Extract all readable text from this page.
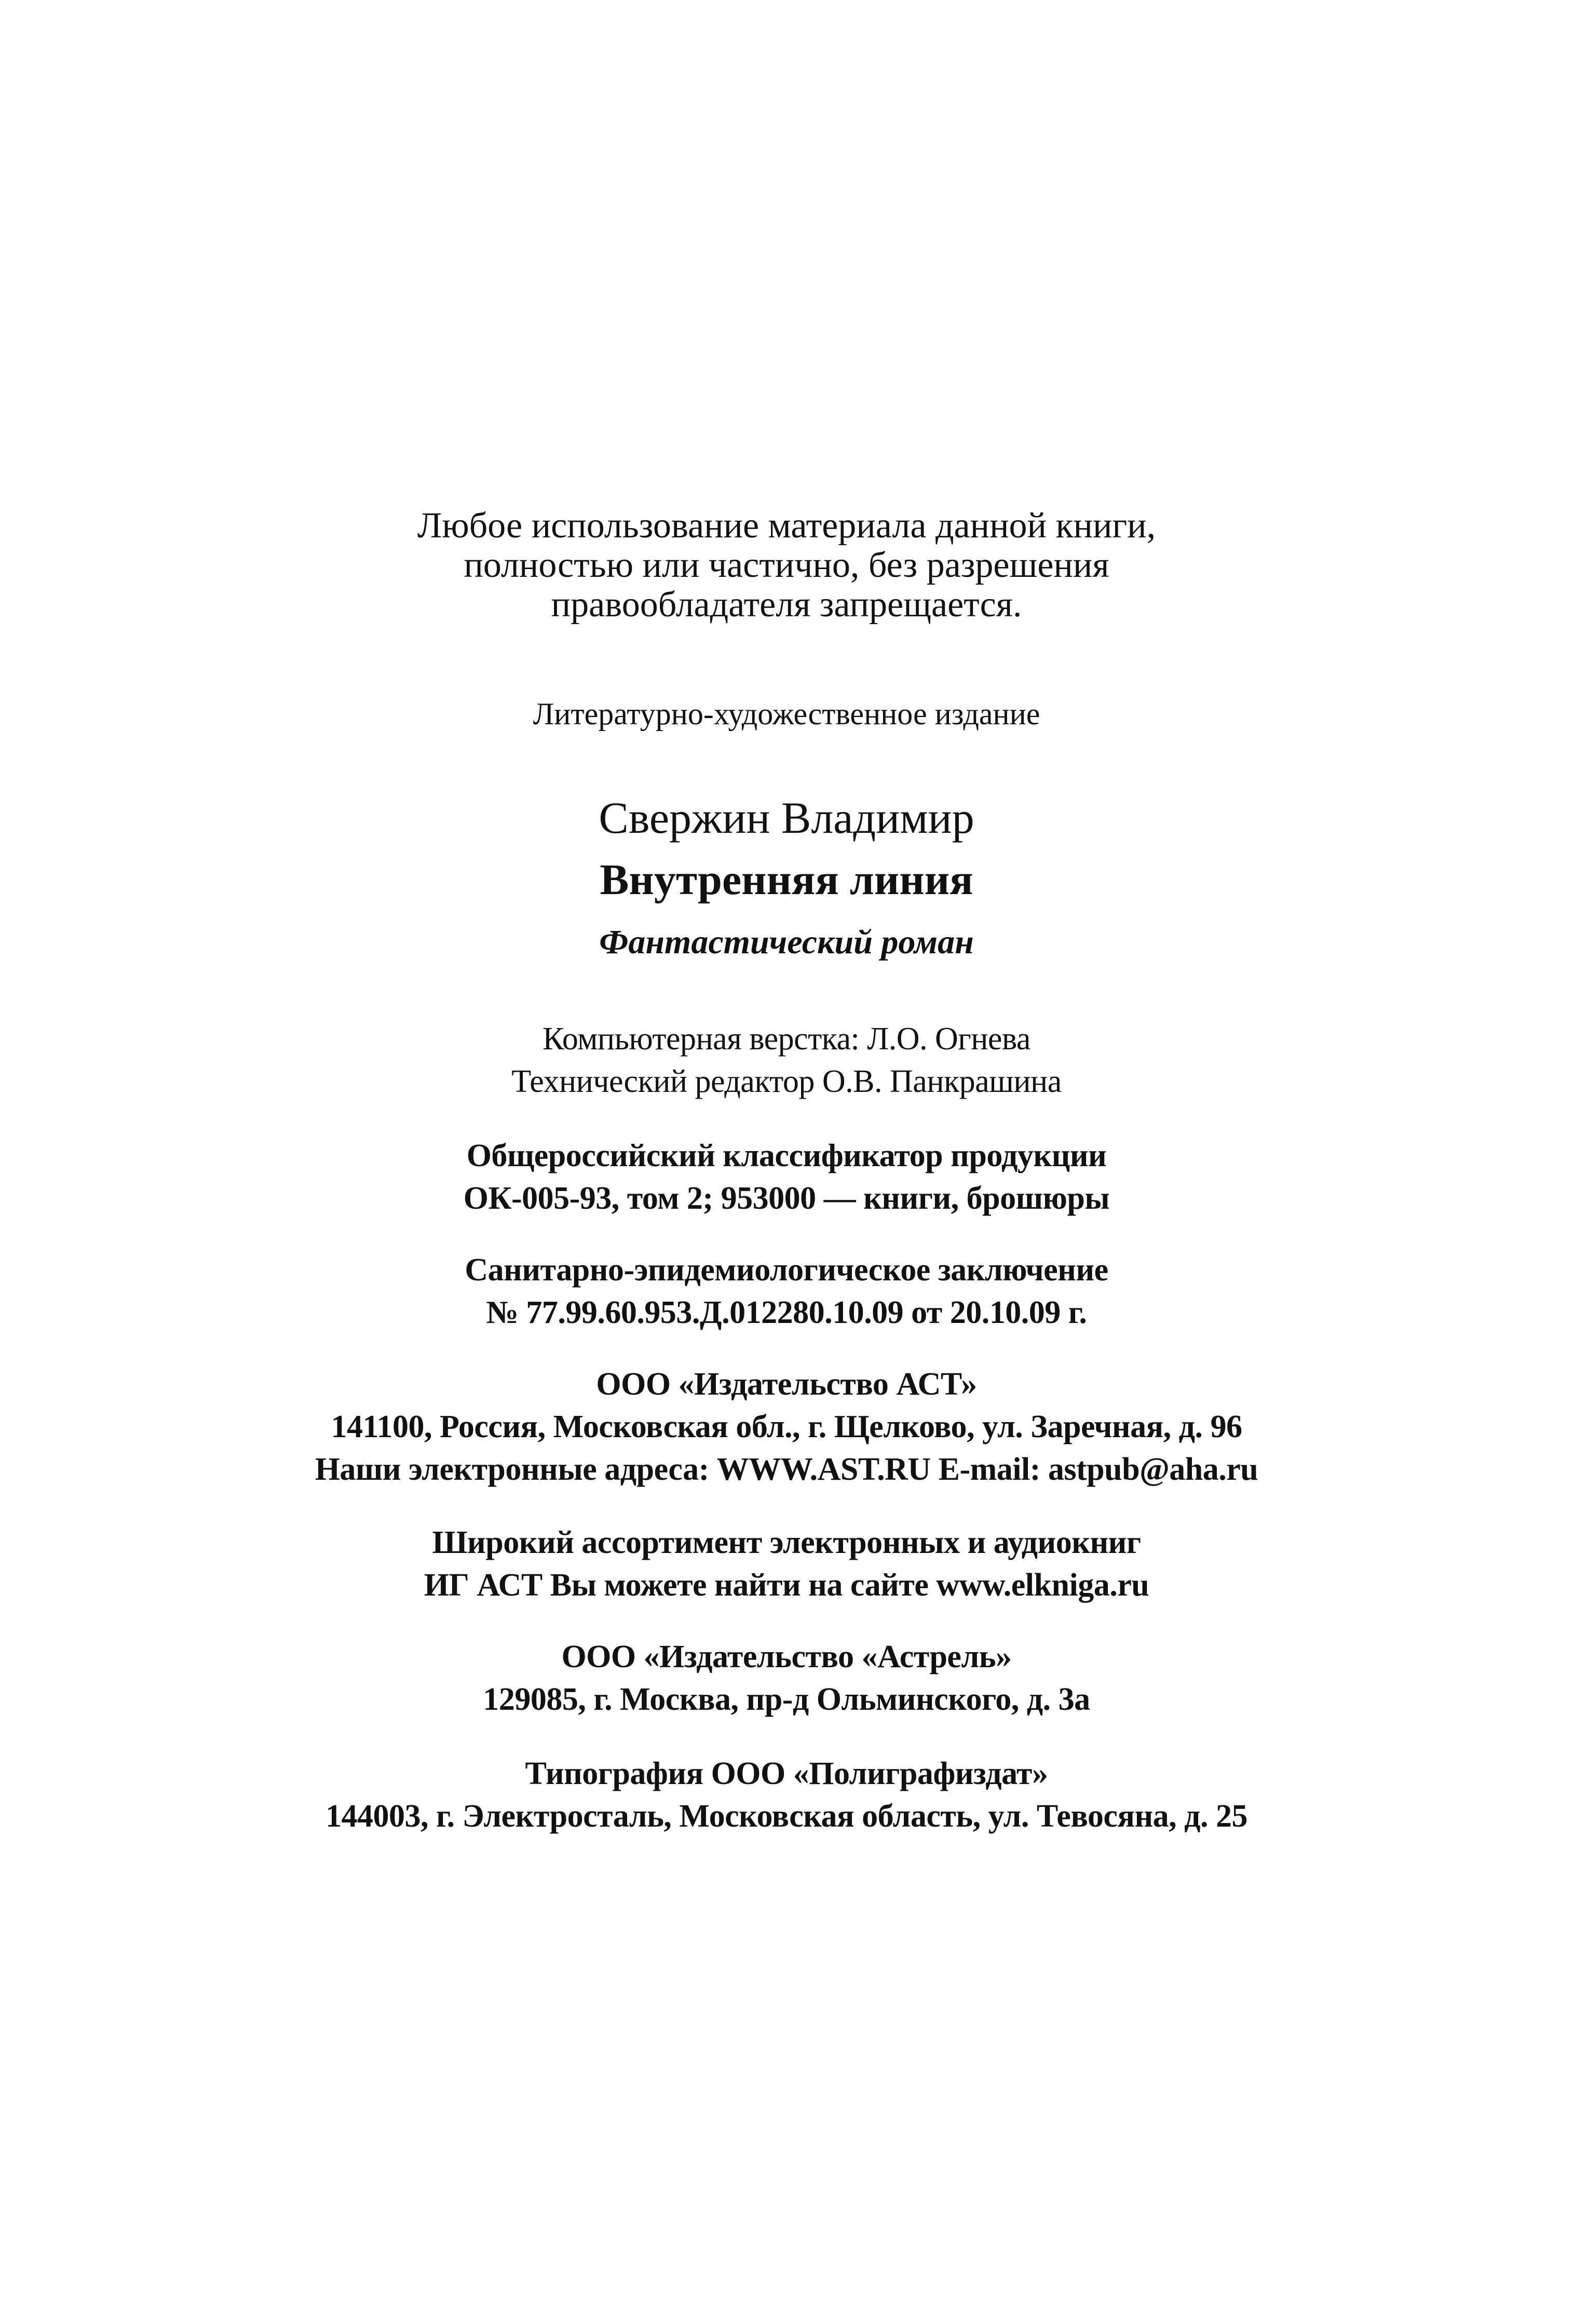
Любое использование материала данной книги,
полностью или частично, без разрешения
правообладателя запрещается.
Литературно-художественное издание
Свержин Владимир
Внутренняя линия
Фантастический роман
Компьютерная верстка: Л.О. Огнева
Технический редактор О.В. Панкрашина
Общероссийский классификатор продукции
ОК-005-93, том 2; 953000 — книги, брошюры
Санитарно-эпидемиологическое заключение
№ 77.99.60.953.Д.012280.10.09 от 20.10.09 г.
ООО «Издательство АСТ»
141100, Россия, Московская обл., г. Щелково, ул. Заречная, д. 96
Наши электронные адреса: WWW.AST.RU E-mail: astpub@aha.ru
Широкий ассортимент электронных и аудиокниг
ИГ АСТ Вы можете найти на сайте www.elkniga.ru
ООО «Издательство «Астрель»
129085, г. Москва, пр-д Ольминского, д. 3а
Типография ООО «Полиграфиздат»
144003, г. Электросталь, Московская область, ул. Тевосяна, д. 25
